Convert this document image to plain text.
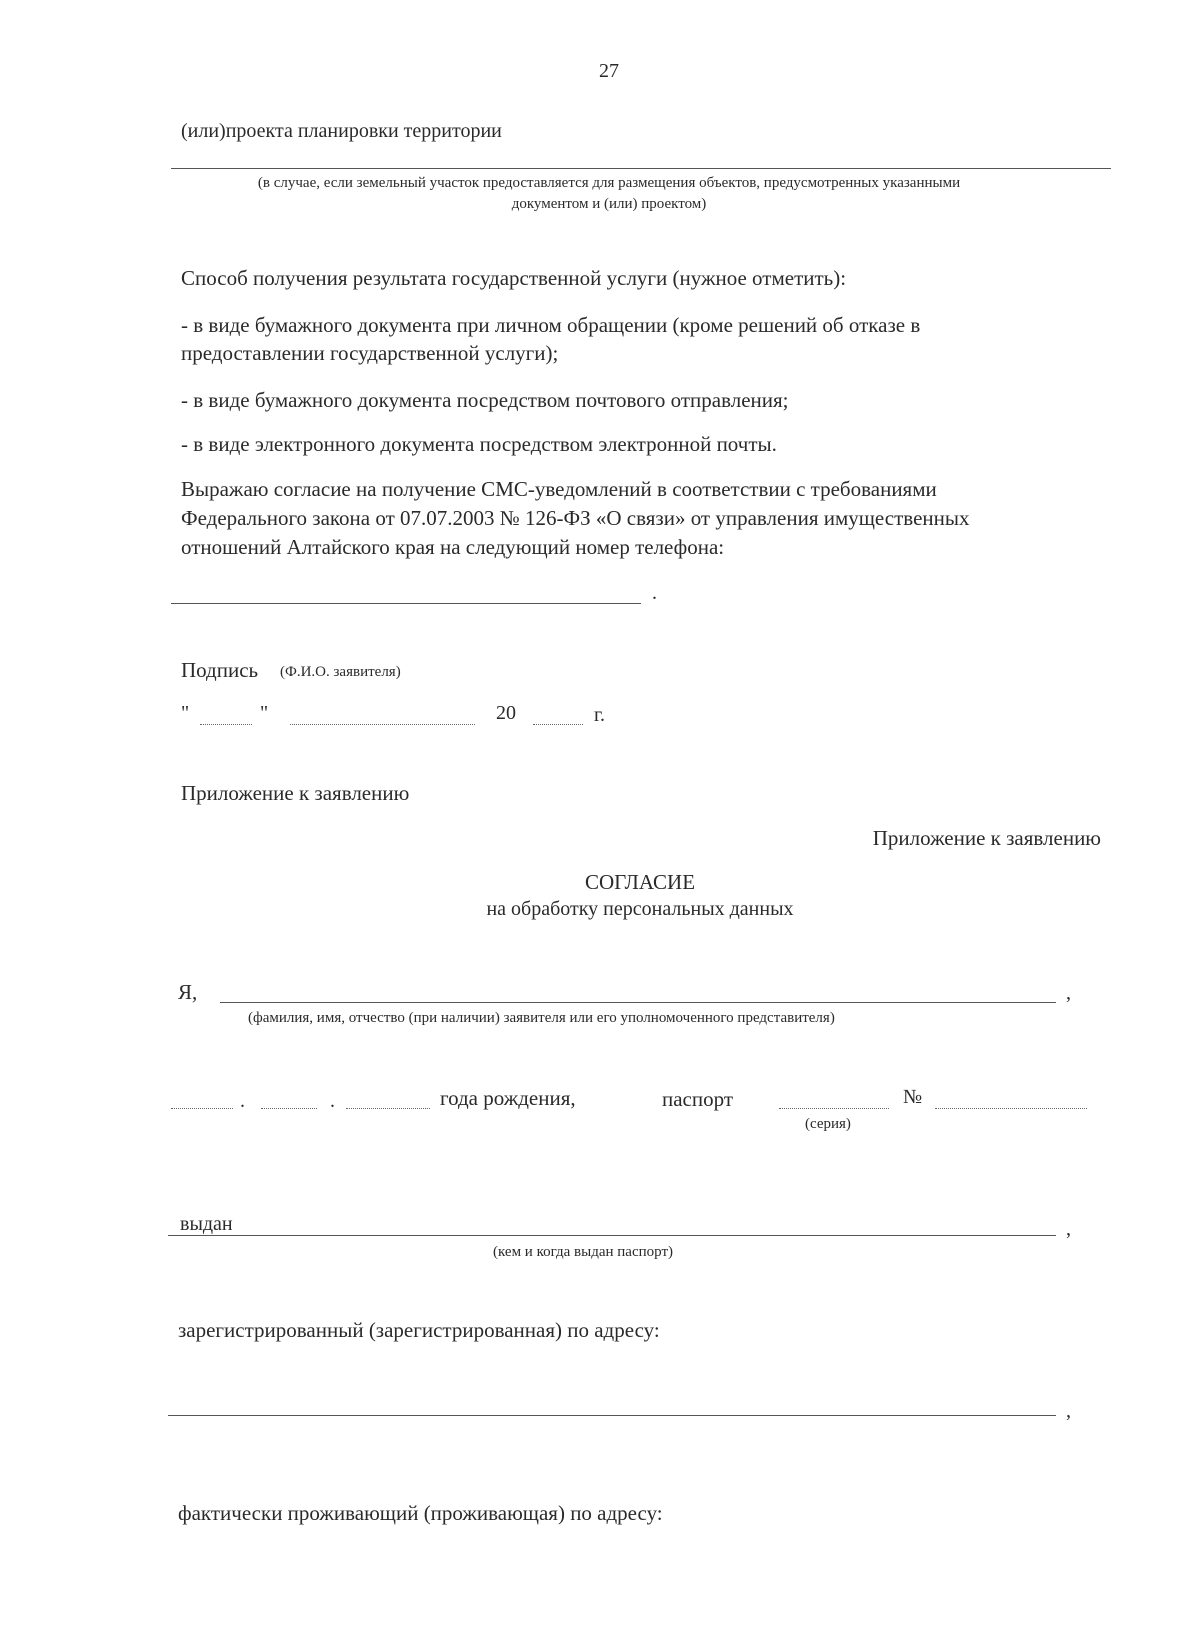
27
(или)проекта планировки территории
(в случае, если земельный участок предоставляется для размещения объектов, предусмотренных указанными
документом и (или) проектом)
Способ получения результата государственной услуги (нужное отметить):
- в виде бумажного документа при личном обращении (кроме решений об отказе в
предоставлении государственной услуги);
- в виде бумажного документа посредством почтового отправления;
- в виде электронного документа посредством электронной почты.
Выражаю согласие на получение СМС-уведомлений в соответствии с требованиями
Федерального закона от 07.07.2003 № 126-ФЗ «О связи» от управления имущественных
отношений Алтайского края на следующий номер телефона:
.
Подпись (Ф.И.О. заявителя)
"	"	20	г.
Приложение к заявлению
Приложение к заявлению
СОГЛАСИЕ
на обработку персональных данных
Я,	,
(фамилия, имя, отчество (при наличии) заявителя или его уполномоченного представителя)
.	.	года рождения,	паспорт	№
(серия)
выдан	,
(кем и когда выдан паспорт)
зарегистрированный (зарегистрированная) по адресу:
,
фактически проживающий (проживающая) по адресу:
